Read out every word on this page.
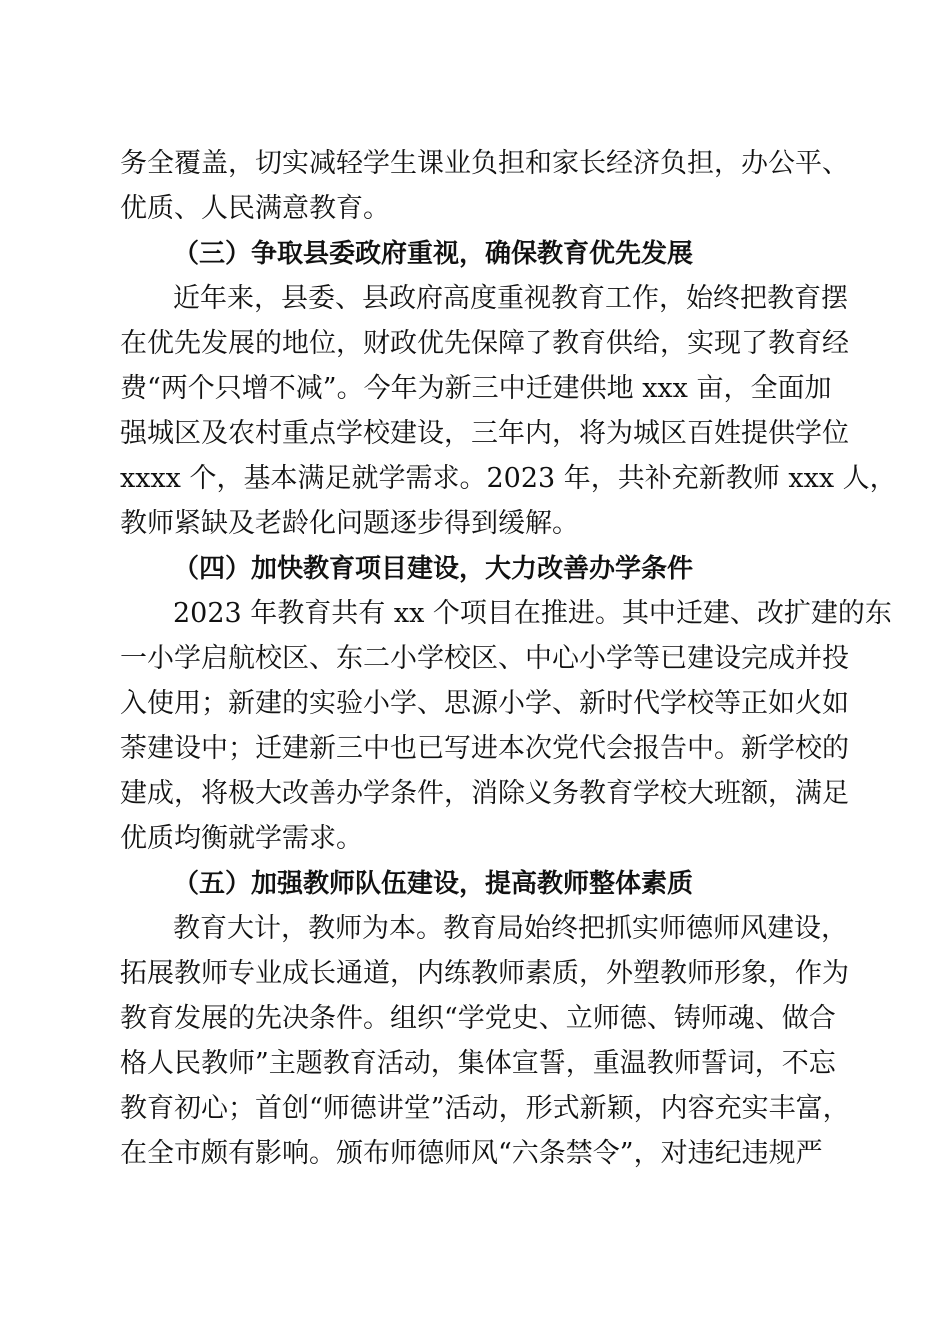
务全覆盖，切实减轻学生课业负担和家长经济负担，办公平、

优质、人民满意教育。

（三）争取县委政府重视，确保教育优先发展

近年来，县委、县政府高度重视教育工作，始终把教育摆

在优先发展的地位，财政优先保障了教育供给，实现了教育经

费“两个只增不减”。今年为新三中迁建供地 xxx 亩，全面加

强城区及农村重点学校建设，三年内，将为城区百姓提供学位

xxxx 个，基本满足就学需求。2023 年，共补充新教师 xxx 人，

教师紧缺及老龄化问题逐步得到缓解。

（四）加快教育项目建设，大力改善办学条件

2023 年教育共有 xx 个项目在推进。其中迁建、改扩建的东

一小学启航校区、东二小学校区、中心小学等已建设完成并投

入使用；新建的实验小学、思源小学、新时代学校等正如火如

荼建设中；迁建新三中也已写进本次党代会报告中。新学校的

建成，将极大改善办学条件，消除义务教育学校大班额，满足

优质均衡就学需求。

（五）加强教师队伍建设，提高教师整体素质

教育大计，教师为本。教育局始终把抓实师德师风建设，

拓展教师专业成长通道，内练教师素质，外塑教师形象，作为

教育发展的先决条件。组织“学党史、立师德、铸师魂、做合

格人民教师”主题教育活动，集体宣誓，重温教师誓词，不忘

教育初心；首创“师德讲堂”活动，形式新颖，内容充实丰富，

在全市颇有影响。颁布师德师风“六条禁令”，对违纪违规严
